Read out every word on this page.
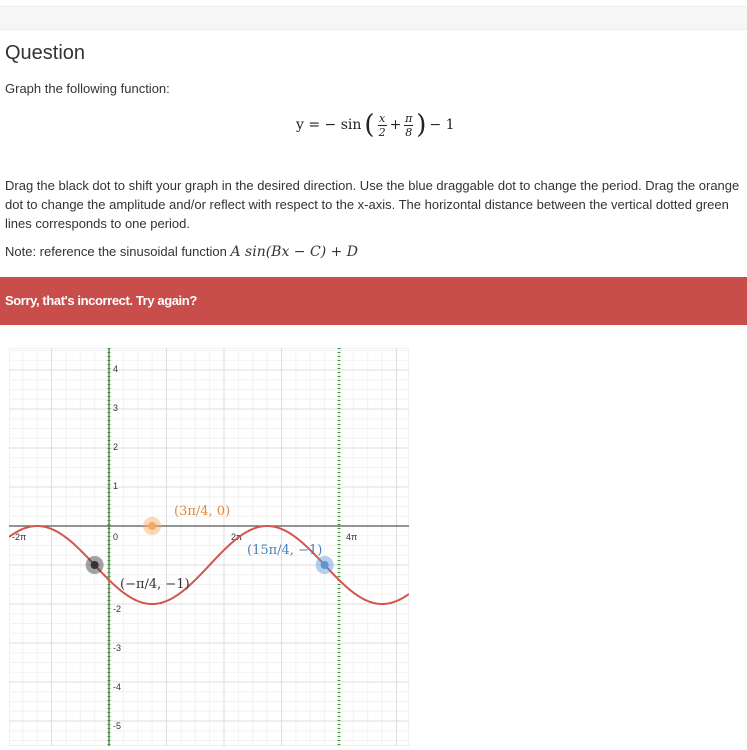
Question
Graph the following function:
y = − sin ( $\frac{x}{2} + \frac{\pi}{8}$ ) − 1
Drag the black dot to shift your graph in the desired direction. Use the blue draggable dot to change the period. Drag the orange dot to change the amplitude and/or reflect with respect to the x-axis. The horizontal distance between the vertical dotted green lines corresponds to one period.
Note: reference the sinusoidal function A sin(Bx − C) + D
Sorry, that's incorrect. Try again?
-2π	2π	4π
4
3
2
1
0
-2
-3
-4
-5
(3π/4, 0)
(−π/4, −1)
(15π/4, −1)
